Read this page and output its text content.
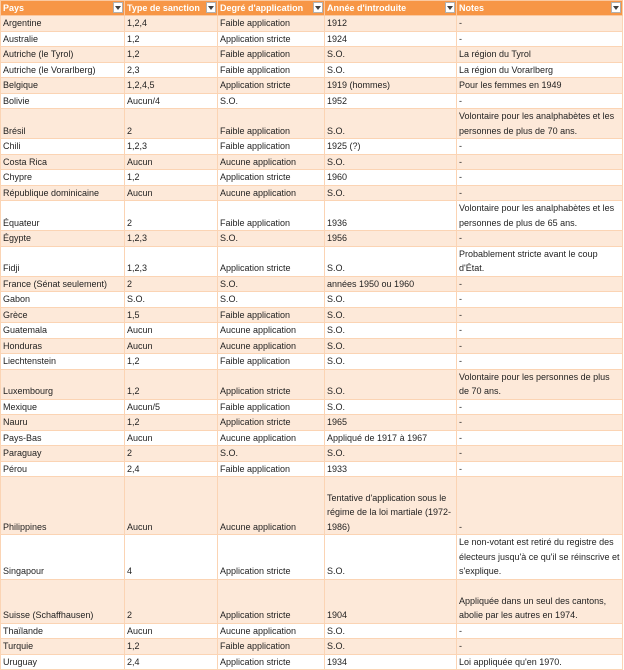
Pays	Type de sanction	Degré d'application	Année d'introduite	Notes

Argentine	1,2,4	Faible application	1912	-
Australie	1,2	Application stricte	1924	-
Autriche (le Tyrol)	1,2	Faible application	S.O.	La région du Tyrol
Autriche (le Vorarlberg)	2,3	Faible application	S.O.	La région du Vorarlberg
Belgique	1,2,4,5	Application stricte	1919 (hommes)	Pour les femmes en 1949
Bolivie	Aucun/4	S.O.	1952	-
Brésil	2	Faible application	S.O.	Volontaire pour les analphabètes et les personnes de plus de 70 ans.
Chili	1,2,3	Faible application	1925 (?)	-
Costa Rica	Aucun	Aucune application	S.O.	-
Chypre	1,2	Application stricte	1960	-
République dominicaine	Aucun	Aucune application	S.O.	-
Équateur	2	Faible application	1936	Volontaire pour les analphabètes et les personnes de plus de 65 ans.
Égypte	1,2,3	S.O.	1956	-
Fidji	1,2,3	Application stricte	S.O.	Probablement stricte avant le coup d'État.
France (Sénat seulement)	2	S.O.	années 1950 ou 1960	-
Gabon	S.O.	S.O.	S.O.	-
Grèce	1,5	Faible application	S.O.	-
Guatemala	Aucun	Aucune application	S.O.	-
Honduras	Aucun	Aucune application	S.O.	-
Liechtenstein	1,2	Faible application	S.O.	-
Luxembourg	1,2	Application stricte	S.O.	Volontaire pour les personnes de plus de 70 ans.
Mexique	Aucun/5	Faible application	S.O.	-
Nauru	1,2	Application stricte	1965	-
Pays-Bas	Aucun	Aucune application	Appliqué de 1917 à 1967	-
Paraguay	2	S.O.	S.O.	-
Pérou	2,4	Faible application	1933	-
Philippines	Aucun	Aucune application	Tentative d'application sous le régime de la loi martiale (1972-1986)	-
Singapour	4	Application stricte	S.O.	Le non-votant est retiré du registre des électeurs jusqu'à ce qu'il se réinscrive et s'explique.
Suisse (Schaffhausen)	2	Application stricte	1904	Appliquée dans un seul des cantons, abolie par les autres en 1974.
Thaïlande	Aucun	Aucune application	S.O.	-
Turquie	1,2	Faible application	S.O.	-
Uruguay	2,4	Application stricte	1934	Loi appliquée qu'en 1970.
